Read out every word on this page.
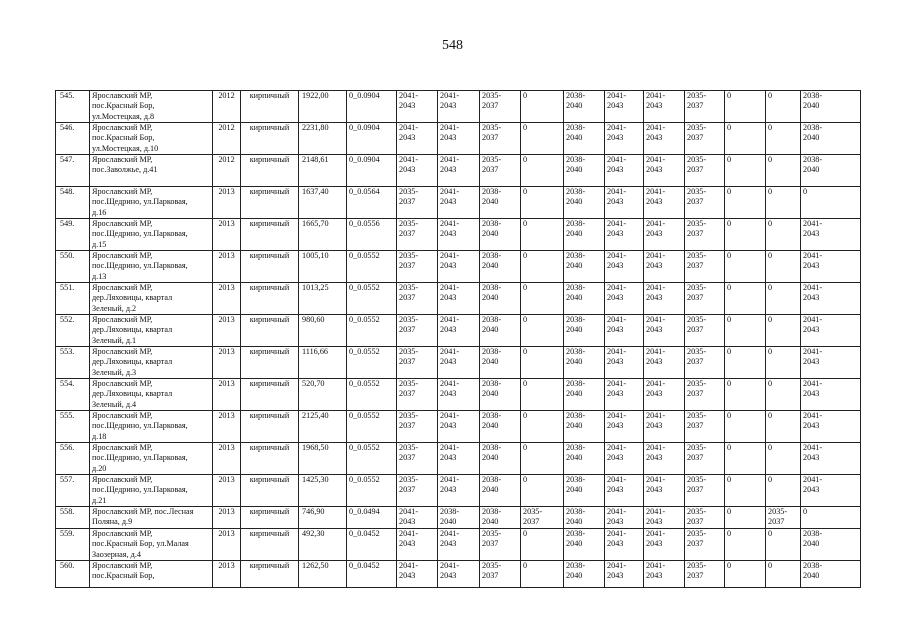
548
545.	Ярославский МР,
пос.Красный Бор,
ул.Мостецкая, д.8	2012	кирпичный	1922,00	0_0.0904	2041-
2043	2041-
2043	2035-
2037	0	2038-
2040	2041-
2043	2041-
2043	2035-
2037	0	0	2038-
2040
546.	Ярославский МР,
пос.Красный Бор,
ул.Мостецкая, д.10	2012	кирпичный	2231,80	0_0.0904	2041-
2043	2041-
2043	2035-
2037	0	2038-
2040	2041-
2043	2041-
2043	2035-
2037	0	0	2038-
2040
547.	Ярославский МР,
пос.Заволжье, д.41	2012	кирпичный	2148,61	0_0.0904	2041-
2043	2041-
2043	2035-
2037	0	2038-
2040	2041-
2043	2041-
2043	2035-
2037	0	0	2038-
2040
548.	Ярославский МР,
пос.Щедрино, ул.Парковая,
д.16	2013	кирпичный	1637,40	0_0.0564	2035-
2037	2041-
2043	2038-
2040	0	2038-
2040	2041-
2043	2041-
2043	2035-
2037	0	0	0
549.	Ярославский МР,
пос.Щедрино, ул.Парковая,
д.15	2013	кирпичный	1665,70	0_0.0556	2035-
2037	2041-
2043	2038-
2040	0	2038-
2040	2041-
2043	2041-
2043	2035-
2037	0	0	2041-
2043
550.	Ярославский МР,
пос.Щедрино, ул.Парковая,
д.13	2013	кирпичный	1005,10	0_0.0552	2035-
2037	2041-
2043	2038-
2040	0	2038-
2040	2041-
2043	2041-
2043	2035-
2037	0	0	2041-
2043
551.	Ярославский МР,
дер.Ляховицы, квартал
Зеленый, д.2	2013	кирпичный	1013,25	0_0.0552	2035-
2037	2041-
2043	2038-
2040	0	2038-
2040	2041-
2043	2041-
2043	2035-
2037	0	0	2041-
2043
552.	Ярославский МР,
дер.Ляховицы, квартал
Зеленый, д.1	2013	кирпичный	980,60	0_0.0552	2035-
2037	2041-
2043	2038-
2040	0	2038-
2040	2041-
2043	2041-
2043	2035-
2037	0	0	2041-
2043
553.	Ярославский МР,
дер.Ляховицы, квартал
Зеленый, д.3	2013	кирпичный	1116,66	0_0.0552	2035-
2037	2041-
2043	2038-
2040	0	2038-
2040	2041-
2043	2041-
2043	2035-
2037	0	0	2041-
2043
554.	Ярославский МР,
дер.Ляховицы, квартал
Зеленый, д.4	2013	кирпичный	520,70	0_0.0552	2035-
2037	2041-
2043	2038-
2040	0	2038-
2040	2041-
2043	2041-
2043	2035-
2037	0	0	2041-
2043
555.	Ярославский МР,
пос.Щедрино, ул.Парковая,
д.18	2013	кирпичный	2125,40	0_0.0552	2035-
2037	2041-
2043	2038-
2040	0	2038-
2040	2041-
2043	2041-
2043	2035-
2037	0	0	2041-
2043
556.	Ярославский МР,
пос.Щедрино, ул.Парковая,
д.20	2013	кирпичный	1968,50	0_0.0552	2035-
2037	2041-
2043	2038-
2040	0	2038-
2040	2041-
2043	2041-
2043	2035-
2037	0	0	2041-
2043
557.	Ярославский МР,
пос.Щедрино, ул.Парковая,
д.21	2013	кирпичный	1425,30	0_0.0552	2035-
2037	2041-
2043	2038-
2040	0	2038-
2040	2041-
2043	2041-
2043	2035-
2037	0	0	2041-
2043
558.	Ярославский МР, пос.Лесная
Поляна, д.9	2013	кирпичный	746,90	0_0.0494	2041-
2043	2038-
2040	2038-
2040	2035-
2037	2038-
2040	2041-
2043	2041-
2043	2035-
2037	0	2035-
2037	0
559.	Ярославский МР,
пос.Красный Бор, ул.Малая
Заозерная, д.4	2013	кирпичный	492,30	0_0.0452	2041-
2043	2041-
2043	2035-
2037	0	2038-
2040	2041-
2043	2041-
2043	2035-
2037	0	0	2038-
2040
560.	Ярославский МР,
пос.Красный Бор,	2013	кирпичный	1262,50	0_0.0452	2041-
2043	2041-
2043	2035-
2037	0	2038-
2040	2041-
2043	2041-
2043	2035-
2037	0	0	2038-
2040
